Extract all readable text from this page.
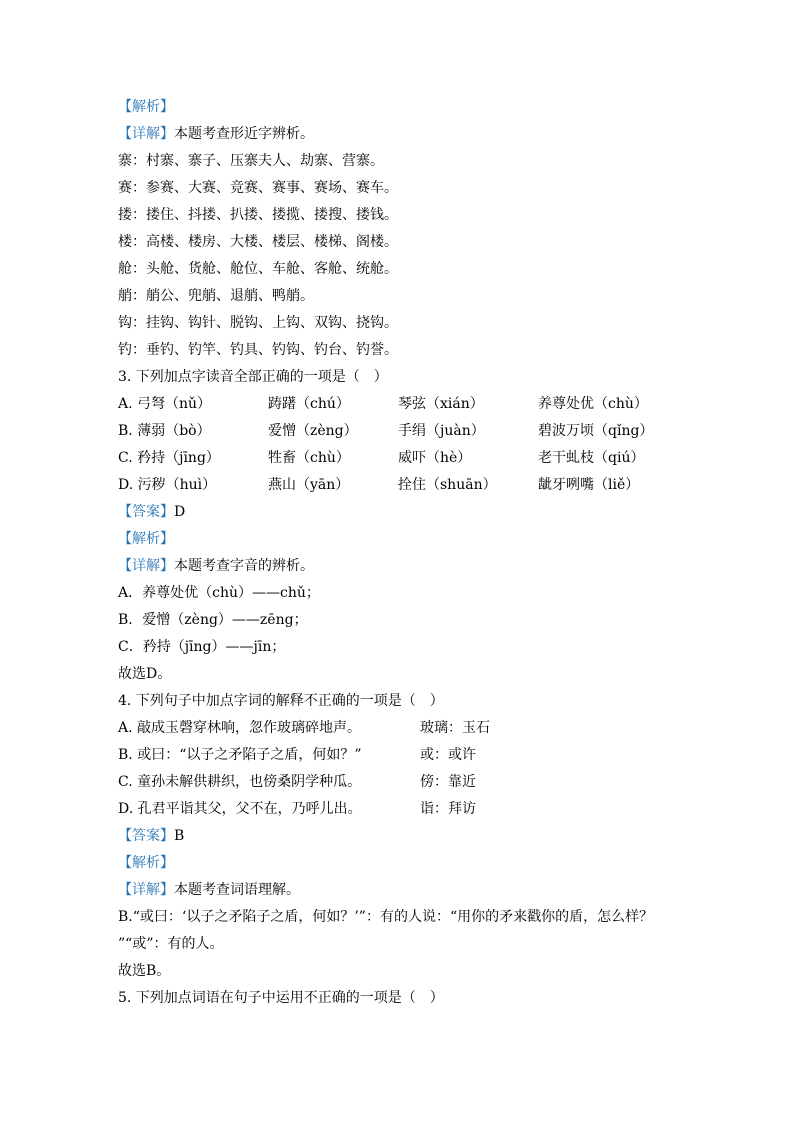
【解析】
【详解】本题考查形近字辨析。
寨：村寨、寨子、压寨夫人、劫寨、营寨。
赛：参赛、大赛、竞赛、赛事、赛场、赛车。
搂：搂住、抖搂、扒搂、搂揽、搂搜、搂钱。
楼：高楼、楼房、大楼、楼层、楼梯、阁楼。
舱：头舱、货舱、舱位、车舱、客舱、统舱。
艄：艄公、兜艄、退艄、鸭艄。
钩：挂钩、钩针、脱钩、上钩、双钩、挠钩。
钓：垂钓、钓竿、钓具、钓钩、钓台、钓誉。
3. 下列加点字读音全部正确的一项是（　）
A. 弓弩（nǔ）	踌躇（chú）	琴弦（xián）	养尊处优（chù）
B. 薄弱（bò）	爱憎（zèng）	手绢（juàn）	碧波万顷（qǐng）
C. 矜持（jīng）	牲畜（chù）	威吓（hè）	老干虬枝（qiú）
D. 污秽（huì）	燕山（yān）	拴住（shuān）	龇牙咧嘴（liě）
【答案】D
【解析】
【详解】本题考查字音的辨析。
A．养尊处优（chù）——chǔ；
B．爱憎（zèng）——zēng；
C．矜持（jīng）——jīn；
故选D。
4. 下列句子中加点字词的解释不正确的一项是（　）
A. 敲成玉磬穿林响，忽作玻璃碎地声。	玻璃：玉石
B. 或曰：“以子之矛陷子之盾，何如？”	或：或许
C. 童孙未解供耕织，也傍桑阴学种瓜。	傍：靠近
D. 孔君平诣其父，父不在，乃呼儿出。	诣：拜访
【答案】B
【解析】
【详解】本题考查词语理解。
B.“或曰：‘以子之矛陷子之盾，何如？’”：有的人说：“用你的矛来戳你的盾，怎么样？
”“或”：有的人。
故选B。
5. 下列加点词语在句子中运用不正确的一项是（　）
